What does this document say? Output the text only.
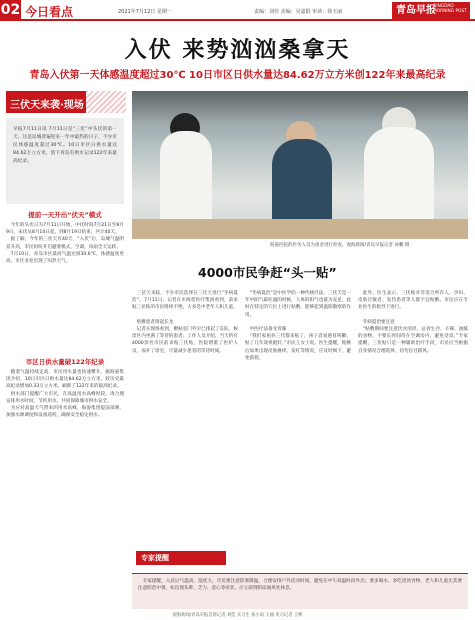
02 今日看点	2021年7月12日 星期一	责编：刘佳 美编：吴嘉阳 审读：徐玉丽	青岛早报
QINGDAO MORNING POST
入伏 来势汹汹桑拿天
青岛入伏第一天体感温度超过30℃ 10日市区日供水量达84.62万立方米创122年来最高纪录
三伏天来袭·现场
早报7月11日讯 7月11日是“三伏”中头伏的第一天。这是岛城普遍迎来一年中最热的日子，不少市民体感温度超过30℃。10日市区日供水量达84.62万立方米，创下青岛有供水记录122年来最高纪录。
提前一天开出“伏天”模式
　今年的头伏日为7月11日开始，中伏时间7月21日至8月9日，末伏从8月10日起，到8月19日结束，共计40天。
　据了解，今年的三伏天有40天，“入伏”后，岛城气温明显升高，市民纷纷开启避暑模式，空调、风扇全天运转。
　7月10日，青岛市区最高气温达到30.6℃，体感温度更高，市区多处出现了闷热天气。
市区日供水量破122年纪录
　随着气温持续走高，市民用水量也快速攀升。据海晏集团介绍，10日市区日供水量达84.62万立方米，较历史最高纪录增加0.33万立方米，刷新了122年来的最高纪录。
　供水部门提醒广大市民，在高温用水高峰时段，请合理安排用水时间，节约用水，共同保障城市供水安全。
　为应对高温天气带来的用水高峰，海晏集团提前部署，加强水源调度和设备巡检，确保安全稳定供水。
海晏医院的医务人员为患者进行检查。观海新闻/青岛早报记者 孙鹏 摄
4000市民争赶“头一贴”
　三伏天来临，不少市民选择在三伏天进行“冬病夏治”。7月11日，记者在市海慈医疗集团看到，前来贴三伏贴的市民络绎不绝，大多是中老年人和儿童。

　贴敷患者排起长龙
　记者在现场看到，敷贴室门外早已排起了长队，候诊区内坐满了等待的患者。工作人员介绍，当天约有4000余名市民前来贴三伏贴，医院增派了医护人员，加开了诊室，尽量减少患者的等待时间。
　“冬病夏治”是中医学的一种传统疗法，三伏天是一年中阳气最旺盛的时候，人体的阳气也最为充足，此时在特定的穴位上进行贴敷，能够起到温阳散寒的作用。

　中医疗法备受青睐
　“我们家祖孙三代都来贴了，孩子容易感冒咳嗽，贴了几年效果挺好。”市民王女士说。医生提醒，贴敷后如果出现皮肤瘙痒、发红等情况，应及时揭下，避免抓挠。
　此外，医生表示，三伏贴并非适合所有人，孕妇、皮肤过敏者、发热患者等人群不宜贴敷。市民应在专业医生的指导下进行。

　冬病夏治要注意
　“贴敷期间要注意饮食清淡，忌食生冷、辛辣、油腻的食物，不要长时间待在空调房内，避免受凉。”专家提醒，三伏贴只是一种辅助治疗手段，市民应当根据自身情况合理选择，切勿盲目跟风。
专家提醒
　专家提醒，入伏后气温高、湿度大，市民要注意防暑降温，合理安排户外活动时间，避免在中午高温时段外出；要多喝水、多吃清淡食物，老人和儿童尤其要注意防范中暑。如出现头晕、乏力、恶心等症状，应立即到阴凉通风处休息。
观海新闻/青岛早报首席记者 刘佳 实习生 孙小雨 王丽 见习记者 王彬
